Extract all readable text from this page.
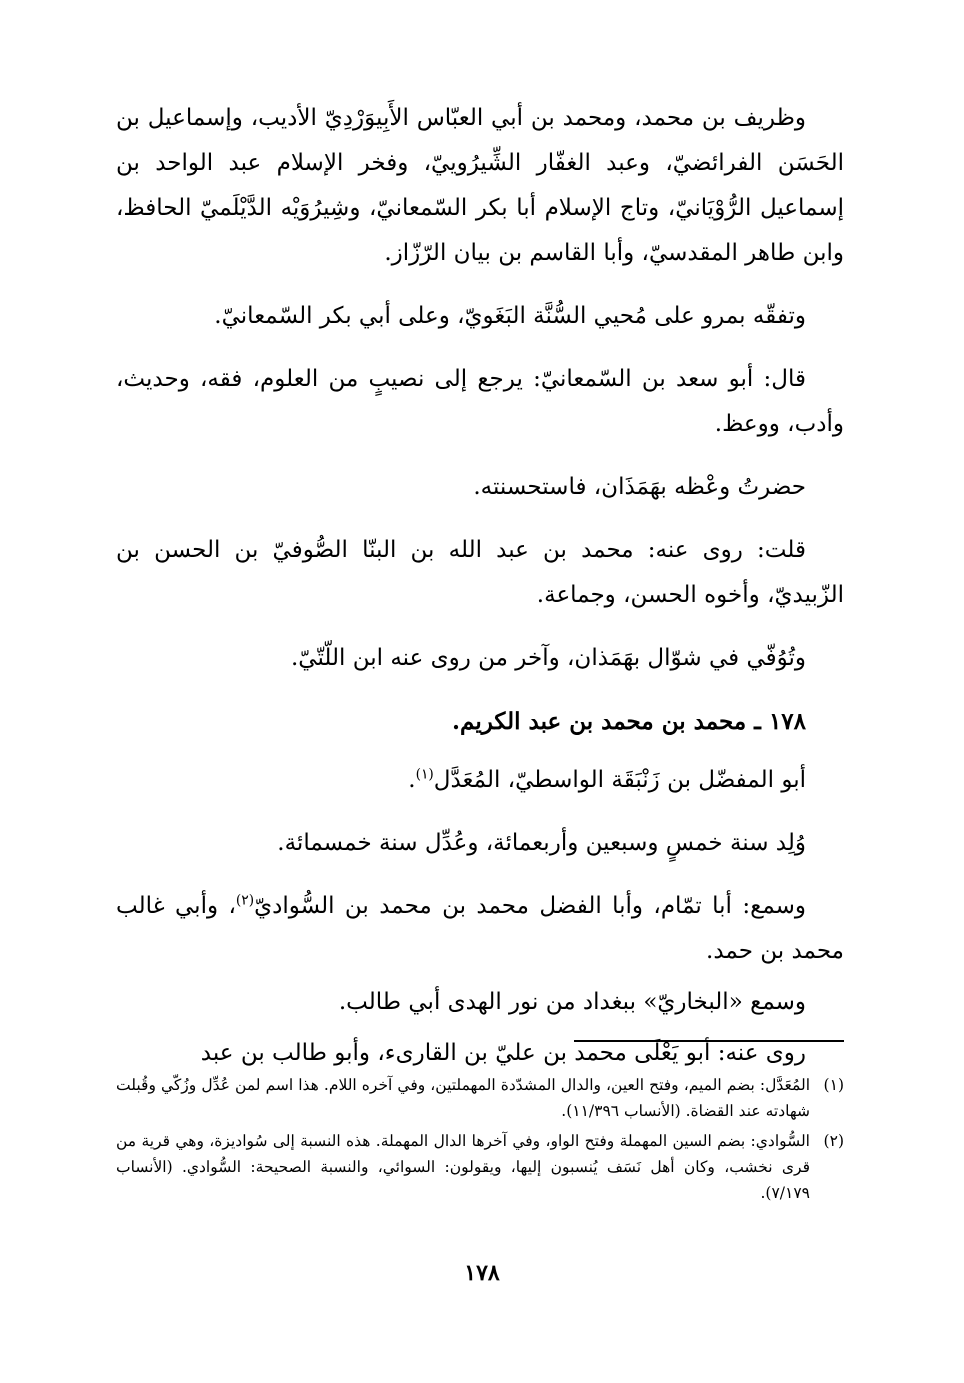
وظريف بن محمد، ومحمد بن أبي العبّاس الأَبِيوَرْدِيّ الأديب، وإسماعيل بن الحَسَن الفرائضيّ، وعبد الغفّار الشِّيرُوييّ، وفخر الإسلام عبد الواحد بن إسماعيل الرُّوْيَانيّ، وتاج الإسلام أبا بكر السّمعانيّ، وشِيرُوَيْه الدَّيْلَميّ الحافظ، وابن طاهر المقدسيّ، وأبا القاسم بن بيان الرّزّاز.

وتفقّه بمرو على مُحيي السُّنَّة البَغَويّ، وعلى أبي بكر السّمعانيّ.

قال: أبو سعد بن السّمعانيّ: يرجع إلى نصيبٍ من العلوم، فقه، وحديث، وأدب، ووعظ.

حضرتُ وعْظه بهَمَذَان، فاستحسنته.

قلت: روى عنه: محمد بن عبد الله بن البنّا الصُّوفيّ بن الحسن بن الزّبيديّ، وأخوه الحسن، وجماعة.

وتُوُفّي في شوّال بهَمَذان، وآخر من روى عنه ابن اللّتّيّ.

١٧٨ ـ محمد بن محمد بن عبد الكريم.

أبو المفضّل بن زَنْبَقَة الواسطيّ، المُعَدَّل$^{(١)}$.

وُلِد سنة خمسٍ وسبعين وأربعمائة، وعُدِّل سنة خمسمائة.

وسمع: أبا تمّام، وأبا الفضل محمد بن محمد بن السُّواديّ$^{(٢)}$، وأبي غالب محمد بن حمد.

وسمع «البخاريّ» ببغداد من نور الهدى أبي طالب.

روى عنه: أبو يَعْلَى محمد بن عليّ بن القارىء، وأبو طالب بن عبد

(١)
المُعَدَّل: بضم الميم، وفتح العين، والدال المشدّدة المهملتين، وفي آخره اللام. هذا اسم لمن عُدِّل وزُكّي وقُبلت شهادته عند القضاة. (الأنساب ١١/٣٩٦).
(٢)
السُّوادي: بضم السين المهملة وفتح الواو، وفي آخرها الدال المهملة. هذه النسبة إلى سُواديزة، وهي قرية من قرى نخشب، وكان أهل نَسَف يُنسبون إليها، ويقولون: السوائي، والنسبة الصحيحة: السُّوادي. (الأنساب ٧/١٧٩).
١٧٨
